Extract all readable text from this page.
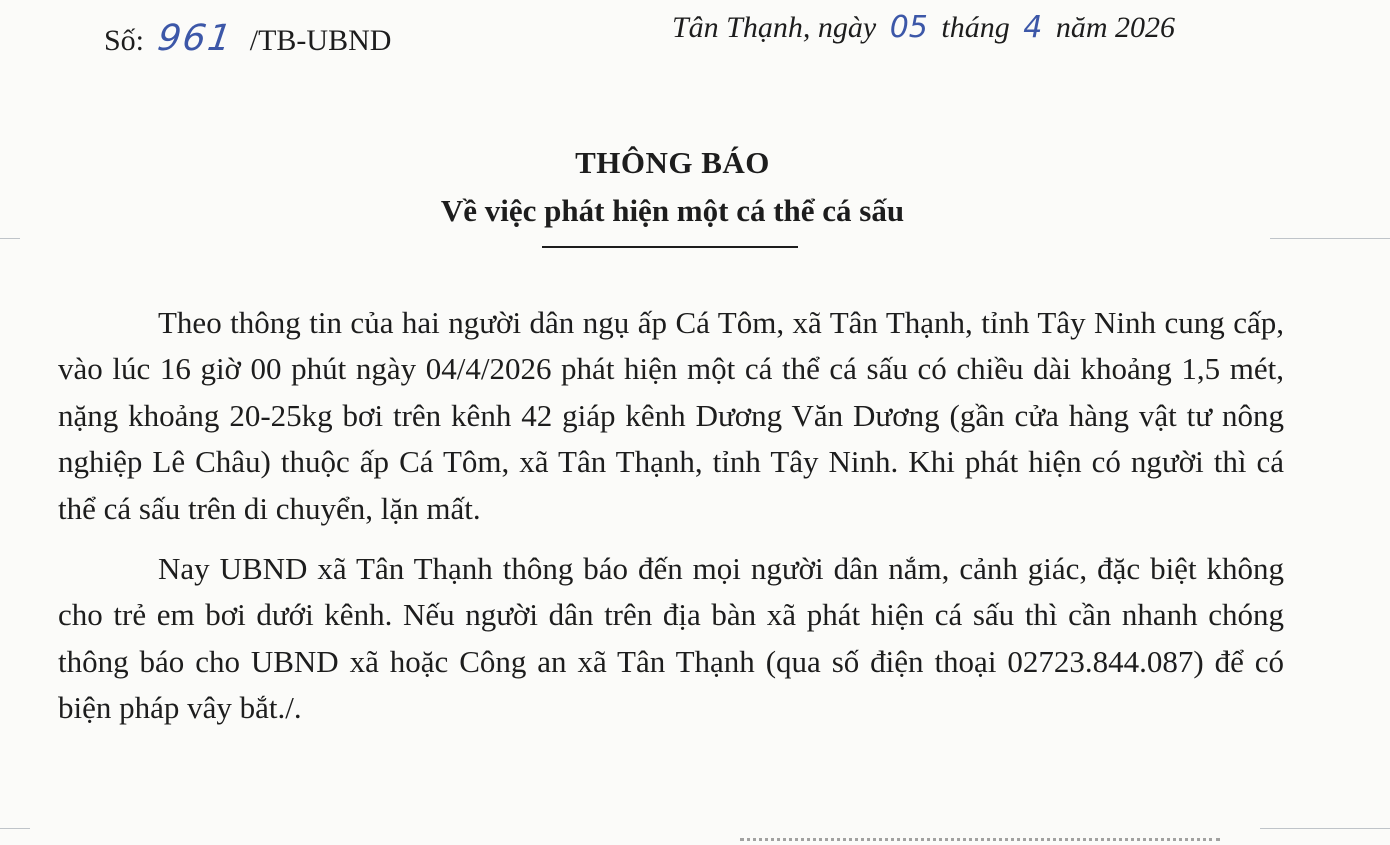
Số: 961 /TB-UBND	Tân Thạnh, ngày 05 tháng 4 năm 2026
THÔNG BÁO
Về việc phát hiện một cá thể cá sấu

Theo thông tin của hai người dân ngụ ấp Cá Tôm, xã Tân Thạnh, tỉnh Tây Ninh cung cấp, vào lúc 16 giờ 00 phút ngày 04/4/2026 phát hiện một cá thể cá sấu có chiều dài khoảng 1,5 mét, nặng khoảng 20-25kg bơi trên kênh 42 giáp kênh Dương Văn Dương (gần cửa hàng vật tư nông nghiệp Lê Châu) thuộc ấp Cá Tôm, xã Tân Thạnh, tỉnh Tây Ninh. Khi phát hiện có người thì cá thể cá sấu trên di chuyển, lặn mất.

Nay UBND xã Tân Thạnh thông báo đến mọi người dân nắm, cảnh giác, đặc biệt không cho trẻ em bơi dưới kênh. Nếu người dân trên địa bàn xã phát hiện cá sấu thì cần nhanh chóng thông báo cho UBND xã hoặc Công an xã Tân Thạnh (qua số điện thoại 02723.844.087) để có biện pháp vây bắt./.
